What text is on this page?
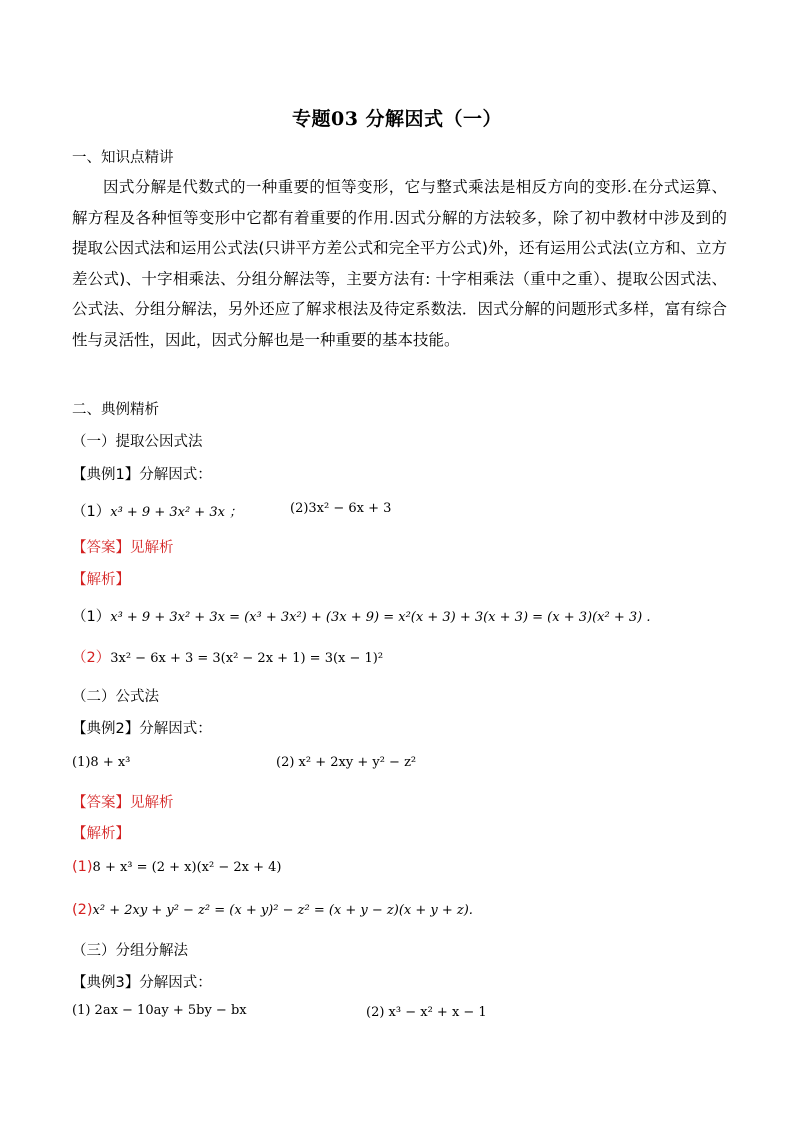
专题03 分解因式（一）
一、知识点精讲
因式分解是代数式的一种重要的恒等变形，它与整式乘法是相反方向的变形.在分式运算、解方程及各种恒等变形中它都有着重要的作用.因式分解的方法较多，除了初中教材中涉及到的提取公因式法和运用公式法(只讲平方差公式和完全平方公式)外，还有运用公式法(立方和、立方差公式)、十字相乘法、分组分解法等，主要方法有: 十字相乘法（重中之重）、提取公因式法、公式法、分组分解法，另外还应了解求根法及待定系数法．因式分解的问题形式多样，富有综合性与灵活性，因此，因式分解也是一种重要的基本技能。
二、典例精析
（一）提取公因式法
【典例1】分解因式：
（1）x³ + 9 + 3x² + 3x ；	(2)3x² − 6x + 3
【答案】见解析
【解析】
（1）x³ + 9 + 3x² + 3x = (x³ + 3x²) + (3x + 9) = x²(x + 3) + 3(x + 3) = (x + 3)(x² + 3) .
（2）3x² − 6x + 3 = 3(x² − 2x + 1) = 3(x − 1)²
（二）公式法
【典例2】分解因式：
(1)8 + x³	(2) x² + 2xy + y² − z²
【答案】见解析
【解析】
(1)8 + x³ = (2 + x)(x² − 2x + 4)
(2)x² + 2xy + y² − z² = (x + y)² − z² = (x + y − z)(x + y + z).
（三）分组分解法
【典例3】分解因式：
(1) 2ax − 10ay + 5by − bx	(2) x³ − x² + x − 1
